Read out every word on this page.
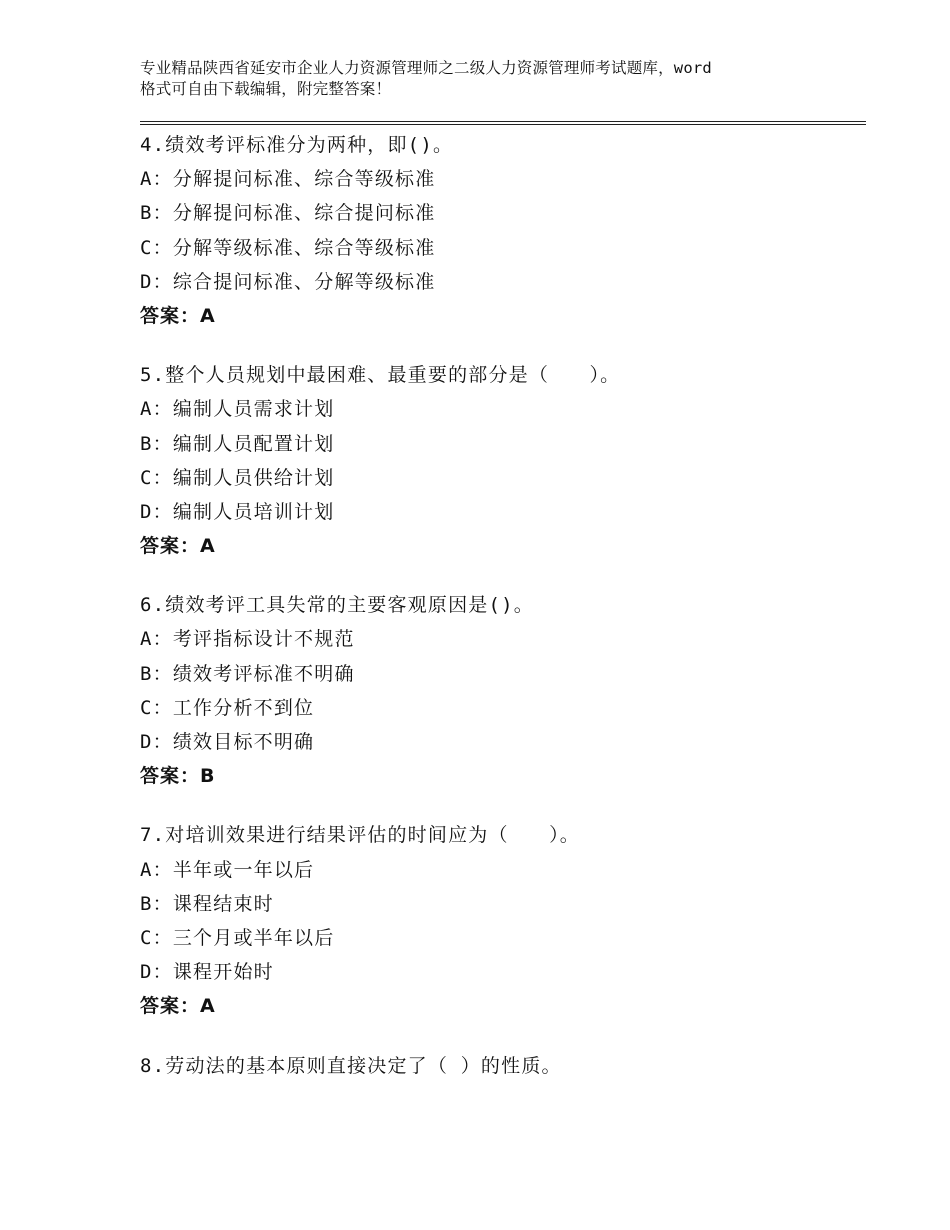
专业精品陕西省延安市企业人力资源管理师之二级人力资源管理师考试题库，word
格式可自由下载编辑，附完整答案！
4.绩效考评标准分为两种，即()。
A：分解提问标准、综合等级标准
B：分解提问标准、综合提问标准
C：分解等级标准、综合等级标准
D：综合提问标准、分解等级标准
答案：A
5.整个人员规划中最困难、最重要的部分是（　　）。
A：编制人员需求计划
B：编制人员配置计划
C：编制人员供给计划
D：编制人员培训计划
答案：A
6.绩效考评工具失常的主要客观原因是()。
A：考评指标设计不规范
B：绩效考评标准不明确
C：工作分析不到位
D：绩效目标不明确
答案：B
7.对培训效果进行结果评估的时间应为（　　）。
A：半年或一年以后
B：课程结束时
C：三个月或半年以后
D：课程开始时
答案：A
8.劳动法的基本原则直接决定了（ ）的性质。
